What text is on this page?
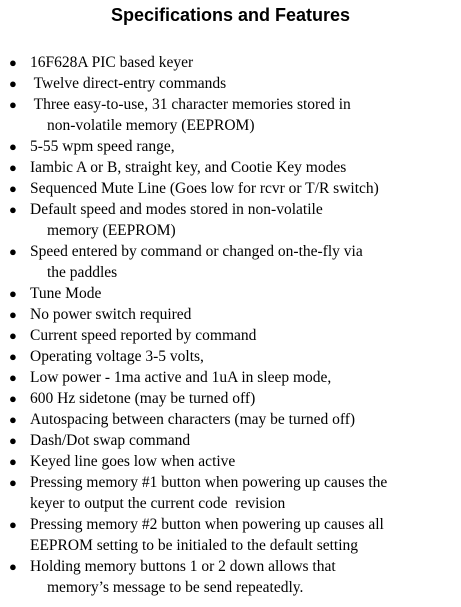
Specifications and Features
● 16F628A PIC based keyer
● Twelve direct-entry commands
● Three easy-to-use, 31 character memories stored in
non-volatile memory (EEPROM)
● 5-55 wpm speed range,
● Iambic A or B, straight key, and Cootie Key modes
● Sequenced Mute Line (Goes low for rcvr or T/R switch)
● Default speed and modes stored in non-volatile
memory (EEPROM)
● Speed entered by command or changed on-the-fly via
the paddles
● Tune Mode
● No power switch required
● Current speed reported by command
● Operating voltage 3-5 volts,
● Low power - 1ma active and 1uA in sleep mode,
● 600 Hz sidetone (may be turned off)
● Autospacing between characters (may be turned off)
● Dash/Dot swap command
● Keyed line goes low when active
● Pressing memory #1 button when powering up causes the
keyer to output the current code  revision
● Pressing memory #2 button when powering up causes all
EEPROM setting to be initialed to the default setting
● Holding memory buttons 1 or 2 down allows that
memory’s message to be send repeatedly.
